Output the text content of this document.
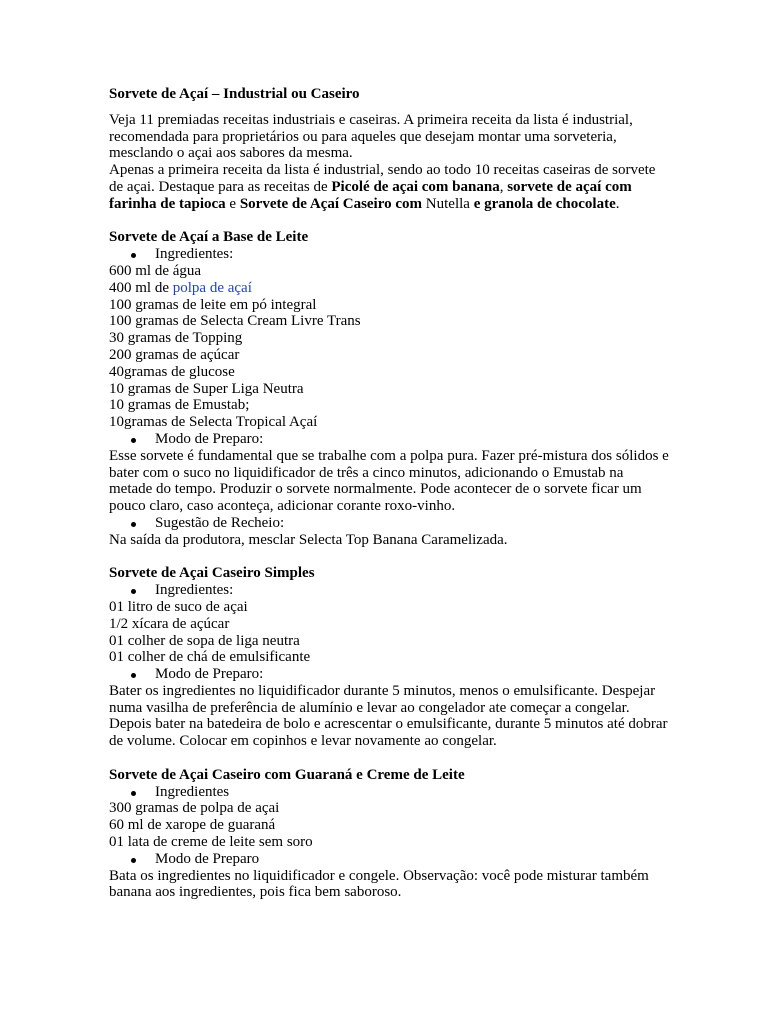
Sorvete de Açaí – Industrial ou Caseiro

Veja 11 premiadas receitas industriais e caseiras. A primeira receita da lista é industrial, recomendada para proprietários ou para aqueles que desejam montar uma sorveteria, mesclando o açai aos sabores da mesma.

Apenas a primeira receita da lista é industrial, sendo ao todo 10 receitas caseiras de sorvete de açai. Destaque para as receitas de Picolé de açai com banana, sorvete de açaí com farinha de tapioca e Sorvete de Açaí Caseiro com Nutella e granola de chocolate.

Sorvete de Açaí a Base de Leite
Ingredientes:
600 ml de água
400 ml de polpa de açaí
100 gramas de leite em pó integral
100 gramas de Selecta Cream Livre Trans
30 gramas de Topping
200 gramas de açúcar
40gramas de glucose
10 gramas de Super Liga Neutra
10 gramas de Emustab;
10gramas de Selecta Tropical Açaí
Modo de Preparo:

Esse sorvete é fundamental que se trabalhe com a polpa pura. Fazer pré-mistura dos sólidos e bater com o suco no liquidificador de três a cinco minutos, adicionando o Emustab na metade do tempo. Produzir o sorvete normalmente. Pode acontecer de o sorvete ficar um pouco claro, caso aconteça, adicionar corante roxo-vinho.

Sugestão de Recheio:

Na saída da produtora, mesclar Selecta Top Banana Caramelizada.

Sorvete de Açai Caseiro Simples
Ingredientes:
01 litro de suco de açai
1/2 xícara de açúcar
01 colher de sopa de liga neutra
01 colher de chá de emulsificante
Modo de Preparo:

Bater os ingredientes no liquidificador durante 5 minutos, menos o emulsificante. Despejar numa vasilha de preferência de alumínio e levar ao congelador ate começar a congelar. Depois bater na batedeira de bolo e acrescentar o emulsificante, durante 5 minutos até dobrar de volume. Colocar em copinhos e levar novamente ao congelar.

Sorvete de Açai Caseiro com Guaraná e Creme de Leite
Ingredientes
300 gramas de polpa de açai
60 ml de xarope de guaraná
01 lata de creme de leite sem soro
Modo de Preparo

Bata os ingredientes no liquidificador e congele. Observação: você pode misturar também banana aos ingredientes, pois fica bem saboroso.
